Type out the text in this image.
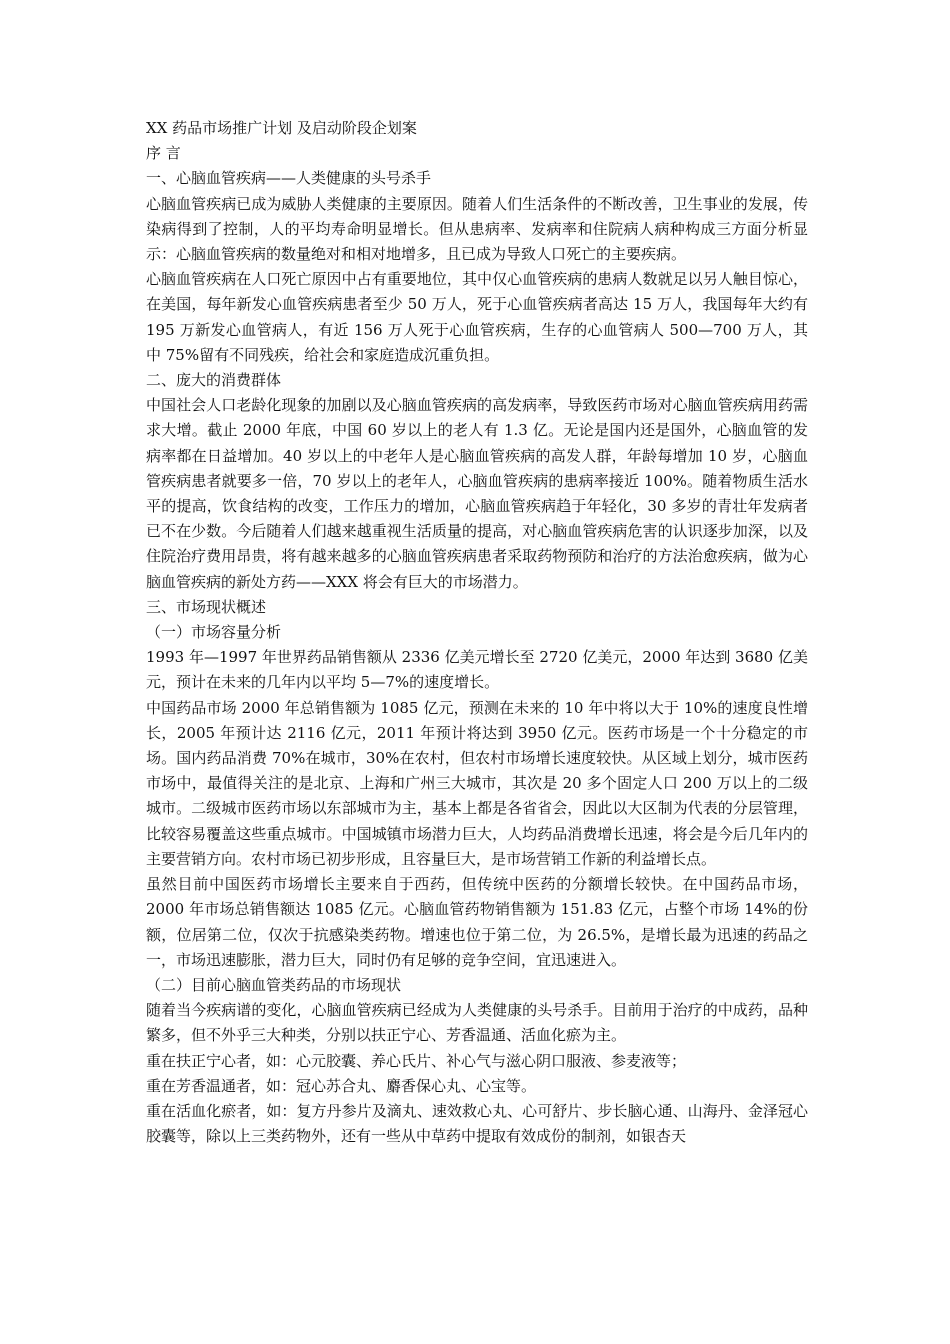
XX 药品市场推广计划 及启动阶段企划案
序 言
一、心脑血管疾病——人类健康的头号杀手
心脑血管疾病已成为威胁人类健康的主要原因。随着人们生活条件的不断改善，卫生事业的发展，传染病得到了控制，人的平均寿命明显增长。但从患病率、发病率和住院病人病种构成三方面分析显示：心脑血管疾病的数量绝对和相对地增多，且已成为导致人口死亡的主要疾病。
心脑血管疾病在人口死亡原因中占有重要地位，其中仅心血管疾病的患病人数就足以另人触目惊心，在美国，每年新发心血管疾病患者至少 50 万人，死于心血管疾病者高达 15 万人，我国每年大约有 195 万新发心血管病人，有近 156 万人死于心血管疾病，生存的心血管病人 500—700 万人，其中 75%留有不同残疾，给社会和家庭造成沉重负担。
二、庞大的消费群体
中国社会人口老龄化现象的加剧以及心脑血管疾病的高发病率，导致医药市场对心脑血管疾病用药需求大增。截止 2000 年底，中国 60 岁以上的老人有 1.3 亿。无论是国内还是国外，心脑血管的发病率都在日益增加。40 岁以上的中老年人是心脑血管疾病的高发人群，年龄每增加 10 岁，心脑血管疾病患者就要多一倍，70 岁以上的老年人，心脑血管疾病的患病率接近 100%。随着物质生活水平的提高，饮食结构的改变，工作压力的增加，心脑血管疾病趋于年轻化，30 多岁的青壮年发病者已不在少数。今后随着人们越来越重视生活质量的提高，对心脑血管疾病危害的认识逐步加深，以及住院治疗费用昂贵，将有越来越多的心脑血管疾病患者采取药物预防和治疗的方法治愈疾病，做为心脑血管疾病的新处方药——XXX 将会有巨大的市场潜力。
三、市场现状概述
（一）市场容量分析
1993 年—1997 年世界药品销售额从 2336 亿美元增长至 2720 亿美元，2000 年达到 3680 亿美元，预计在未来的几年内以平均 5—7%的速度增长。
中国药品市场 2000 年总销售额为 1085 亿元，预测在未来的 10 年中将以大于 10%的速度良性增长，2005 年预计达 2116 亿元，2011 年预计将达到 3950 亿元。医药市场是一个十分稳定的市场。国内药品消费 70%在城市，30%在农村，但农村市场增长速度较快。从区域上划分，城市医药市场中，最值得关注的是北京、上海和广州三大城市，其次是 20 多个固定人口 200 万以上的二级城市。二级城市医药市场以东部城市为主，基本上都是各省省会，因此以大区制为代表的分层管理，比较容易覆盖这些重点城市。中国城镇市场潜力巨大，人均药品消费增长迅速，将会是今后几年内的主要营销方向。农村市场已初步形成，且容量巨大，是市场营销工作新的利益增长点。
虽然目前中国医药市场增长主要来自于西药，但传统中医药的分额增长较快。在中国药品市场，2000 年市场总销售额达 1085 亿元。心脑血管药物销售额为 151.83 亿元，占整个市场 14%的份额，位居第二位，仅次于抗感染类药物。增速也位于第二位，为 26.5%，是增长最为迅速的药品之一，市场迅速膨胀，潜力巨大，同时仍有足够的竞争空间，宜迅速进入。
（二）目前心脑血管类药品的市场现状
随着当今疾病谱的变化，心脑血管疾病已经成为人类健康的头号杀手。目前用于治疗的中成药，品种繁多，但不外乎三大种类，分别以扶正宁心、芳香温通、活血化瘀为主。
重在扶正宁心者，如：心元胶囊、养心氏片、补心气与滋心阴口服液、参麦液等；
重在芳香温通者，如：冠心苏合丸、麝香保心丸、心宝等。
重在活血化瘀者，如：复方丹参片及滴丸、速效救心丸、心可舒片、步长脑心通、山海丹、金泽冠心胶囊等，除以上三类药物外，还有一些从中草药中提取有效成份的制剂，如银杏天
